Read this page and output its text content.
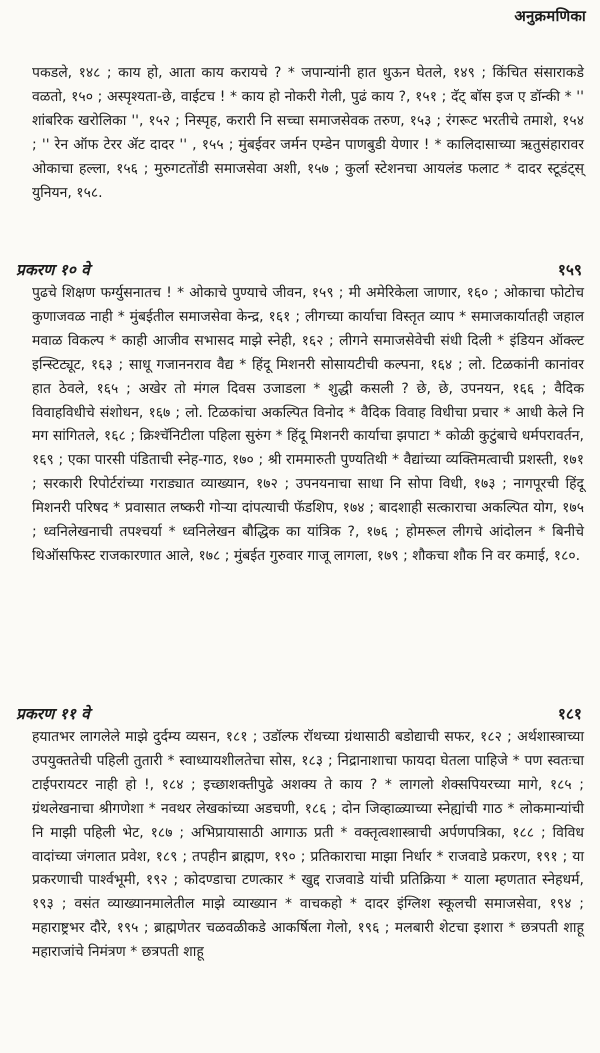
अनुक्रमणिका

पकडले, १४८ ; काय हो, आता काय करायचे ? * जपान्यांनी हात धुऊन घेतले, १४९ ; किंचित संसाराकडे वळतो, १५० ; अस्पृश्यता-छे, वाईटच ! * काय हो नोकरी गेली, पुढं काय ?, १५१ ; दॅट्‍ बॉस इज ए डॉन्की * '' शांबरिक खरोलिका '', १५२ ; निस्पृह, करारी नि सच्चा समाजसेवक तरुण, १५३ ; रंगरूट भरतीचे तमाशे, १५४ ; '' रेन ऑफ टेरर ॲट दादर '' , १५५ ; मुंबईवर जर्मन एम्डेन पाणबुडी येणार ! * कालिदासाच्या ऋतुसंहारावर ओकाचा हल्ला, १५६ ; मुरुगटतोंडी समाजसेवा अशी, १५७ ; कुर्ला स्टेशनचा आयलंड फलाट * दादर स्टूडंट्‍स् युनियन, १५८.

प्रकरण १० वे	१५९

पुढचे शिक्षण फर्ग्युसनातच ! * ओकाचे पुण्याचे जीवन, १५९ ; मी अमेरिकेला जाणार, १६० ; ओकाचा फोटोच कुणाजवळ नाही * मुंबईतील समाजसेवा केन्द्र, १६१ ; लीगच्या कार्याचा विस्तृत व्याप * समाजकार्यातही जहाल मवाळ विकल्प * काही आजीव सभासद माझे स्नेही, १६२ ; लीगने समाजसेवेची संधी दिली * इंडियन ऑक्ल्ट इन्स्टिट्यूट, १६३ ; साधू गजाननराव वैद्य * हिंदू मिशनरी सोसायटीची कल्पना, १६४ ; लो. टिळकांनी कानांवर हात ठेवले, १६५ ; अखेर तो मंगल दिवस उजाडला * शुद्धी कसली ? छे, छे, उपनयन, १६६ ; वैदिक विवाहविधीचे संशोधन, १६७ ; लो. टिळकांचा अकल्पित विनोद * वैदिक विवाह विधीचा प्रचार * आधी केले नि मग सांगितले, १६८ ; क्रिश्चॅनिटीला पहिला सुरुंग * हिंदू मिशनरी कार्याचा झपाटा * कोळी कुटुंबाचे धर्मपरावर्तन, १६९ ; एका पारसी पंडिताची स्नेह-गाठ, १७० ; श्री राममारुती पुण्यतिथी * वैद्यांच्या व्यक्तिमत्वाची प्रशस्ती, १७१ ; सरकारी रिपोर्टरांच्या गराड्यात व्याख्यान, १७२ ; उपनयनाचा साधा नि सोपा विधी, १७३ ; नागपूरची हिंदू मिशनरी परिषद * प्रवासात लष्करी गोऱ्या दांपत्याची फॅडशिप, १७४ ; बादशाही सत्काराचा अकल्पित योग, १७५ ; ध्वनिलेखनाची तपश्चर्या * ध्वनिलेखन बौद्धिक का यांत्रिक ?, १७६ ; होमरूल लीगचे आंदोलन * बिनीचे थिऑसफिस्ट राजकारणात आले, १७८ ; मुंबईत गुरुवार गाजू लागला, १७९ ; शौकचा शौक नि वर कमाई, १८०.

प्रकरण ११ वे	१८१

हयातभर लागलेले माझे दुर्दम्य व्यसन, १८१ ; उडॉल्फ रॉथच्या ग्रंथासाठी बडोद्याची सफर, १८२ ; अर्थशास्त्राच्या उपयुक्ततेची पहिली तुतारी * स्वाध्यायशीलतेचा सोस, १८३ ; निद्रानाशाचा फायदा घेतला पाहिजे * पण स्वतःचा टाईपरायटर नाही हो !, १८४ ; इच्छाशक्तीपुढे अशक्य ते काय ? * लागलो शेक्सपियरच्या मागे, १८५ ; ग्रंथलेखनाचा श्रीगणेशा * नवथर लेखकांच्या अडचणी, १८६ ; दोन जिव्हाळ्याच्या स्नेह्यांची गाठ * लोकमान्यांची नि माझी पहिली भेट, १८७ ; अभिप्रायासाठी आगाऊ प्रती * वक्तृत्वशास्त्राची अर्पणपत्रिका, १८८ ; विविध वादांच्या जंगलात प्रवेश, १८९ ; तपहीन ब्राह्मण, १९० ; प्रतिकाराचा माझा निर्धार * राजवाडे प्रकरण, १९१ ; या प्रकरणाची पार्श्वभूमी, १९२ ; कोदण्डाचा टणत्कार * खुद्द राजवाडे यांची प्रतिक्रिया * याला म्हणतात स्नेहधर्म, १९३ ; वसंत व्याख्यानमालेतील माझे व्याख्यान * वाचकहो * दादर इंग्लिश स्कूलची समाजसेवा, १९४ ; महाराष्ट्रभर दौरे, १९५ ; ब्राह्मणेतर चळवळीकडे आकर्षिला गेलो, १९६ ; मलबारी शेटचा इशारा * छत्रपती शाहू महाराजांचे निमंत्रण * छत्रपती शाहू
